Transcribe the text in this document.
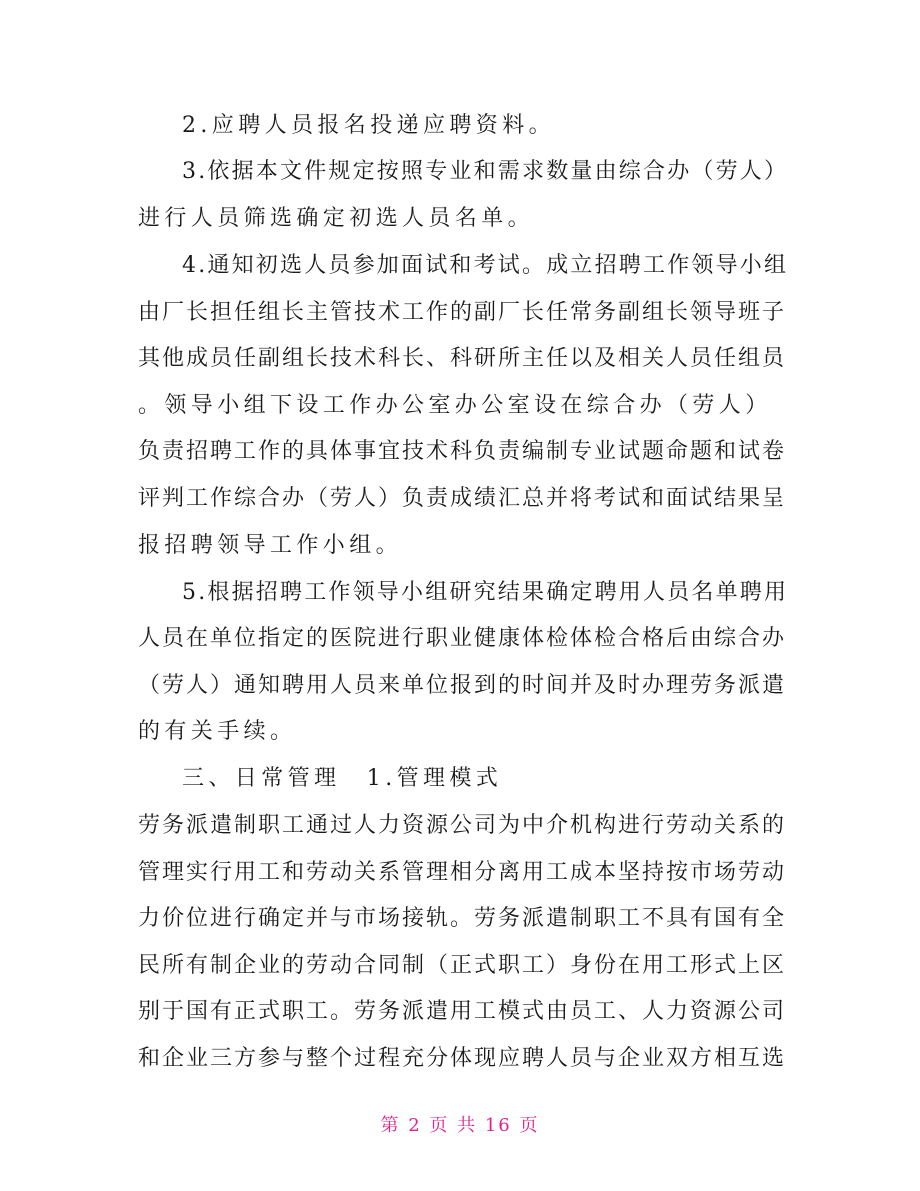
2.应聘人员报名投递应聘资料。
3.依据本文件规定按照专业和需求数量由综合办（劳人）
进行人员筛选确定初选人员名单。
4.通知初选人员参加面试和考试。成立招聘工作领导小组
由厂长担任组长主管技术工作的副厂长任常务副组长领导班子
其他成员任副组长技术科长、科研所主任以及相关人员任组员
。领导小组下设工作办公室办公室设在综合办（劳人）
负责招聘工作的具体事宜技术科负责编制专业试题命题和试卷
评判工作综合办（劳人）负责成绩汇总并将考试和面试结果呈
报招聘领导工作小组。
5.根据招聘工作领导小组研究结果确定聘用人员名单聘用
人员在单位指定的医院进行职业健康体检体检合格后由综合办
（劳人）通知聘用人员来单位报到的时间并及时办理劳务派遣
的有关手续。
三、日常管理　1.管理模式
劳务派遣制职工通过人力资源公司为中介机构进行劳动关系的
管理实行用工和劳动关系管理相分离用工成本坚持按市场劳动
力价位进行确定并与市场接轨。劳务派遣制职工不具有国有全
民所有制企业的劳动合同制（正式职工）身份在用工形式上区
别于国有正式职工。劳务派遣用工模式由员工、人力资源公司
和企业三方参与整个过程充分体现应聘人员与企业双方相互选
第 2 页 共 16 页
